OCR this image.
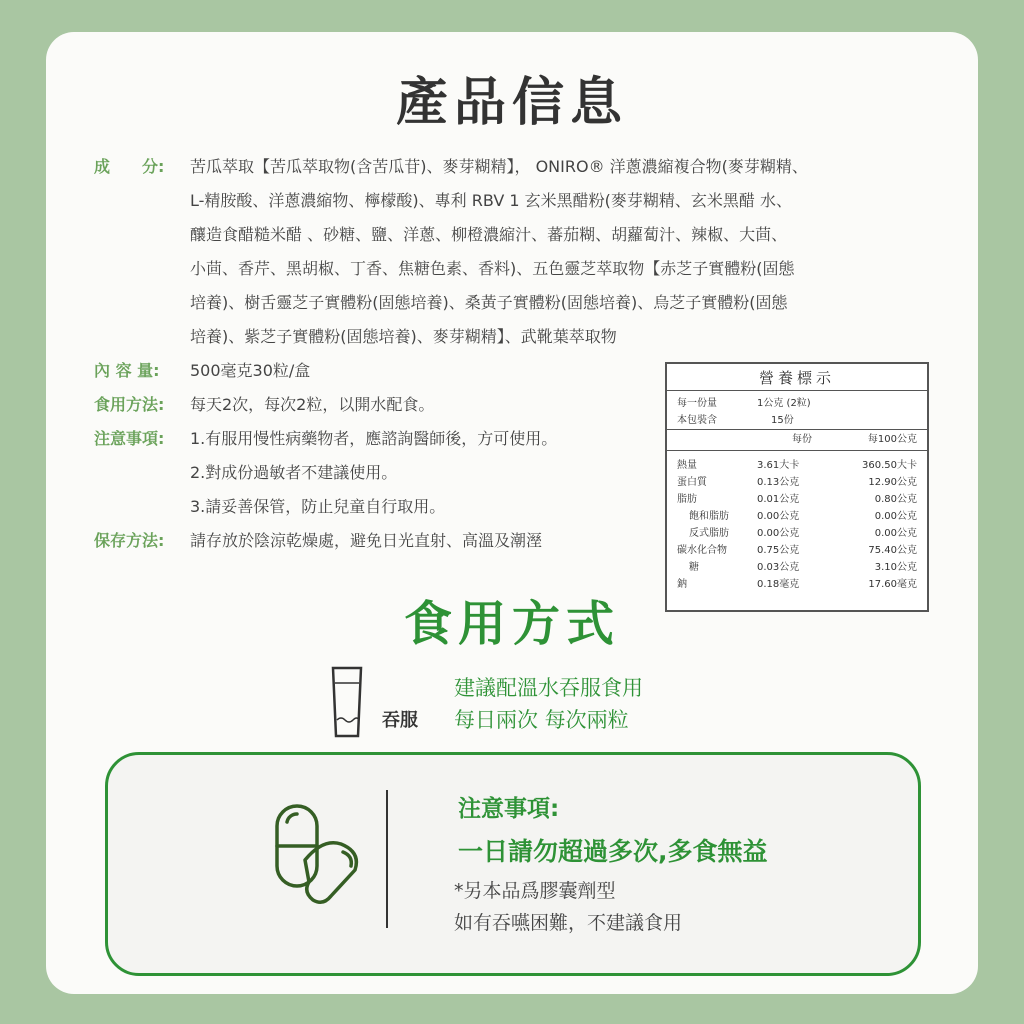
產品信息
成　　分:	苦瓜萃取【苦瓜萃取物(含苦瓜苷)、麥芽糊精】， ONIRO® 洋蔥濃縮複合物(麥芽糊精、
L-精胺酸、洋蔥濃縮物、檸檬酸)、專利 RBV 1 玄米黑醋粉(麥芽糊精、玄米黑醋 水、
釀造食醋糙米醋 、砂糖、鹽、洋蔥、柳橙濃縮汁、蕃茄糊、胡蘿蔔汁、辣椒、大茴、
小茴、香芹、黑胡椒、丁香、焦糖色素、香料)、五色靈芝萃取物【赤芝子實體粉(固態
培養)、樹舌靈芝子實體粉(固態培養)、桑黃子實體粉(固態培養)、烏芝子實體粉(固態
培養)、紫芝子實體粉(固態培養)、麥芽糊精】、武靴葉萃取物
內 容 量:	500毫克30粒/盒
食用方法:	每天2次，每次2粒，以開水配食。
注意事項:	1.有服用慢性病藥物者，應諮詢醫師後，方可使用。
2.對成份過敏者不建議使用。
3.請妥善保管，防止兒童自行取用。
保存方法:	請存放於陰涼乾燥處，避免日光直射、高溫及潮溼
營養標示
每一份量	1公克 (2粒)
本包裝含	15份
每份	每100公克
熱量	3.61大卡	360.50大卡
蛋白質	0.13公克	12.90公克
脂肪	0.01公克	0.80公克
飽和脂肪	0.00公克	0.00公克
反式脂肪	0.00公克	0.00公克
碳水化合物	0.75公克	75.40公克
糖	0.03公克	3.10公克
鈉	0.18毫克	17.60毫克
食用方式
吞服
建議配溫水吞服食用
每日兩次 每次兩粒
注意事項:
一日請勿超過多次,多食無益
*另本品爲膠囊劑型
如有吞嚥困難，不建議食用
